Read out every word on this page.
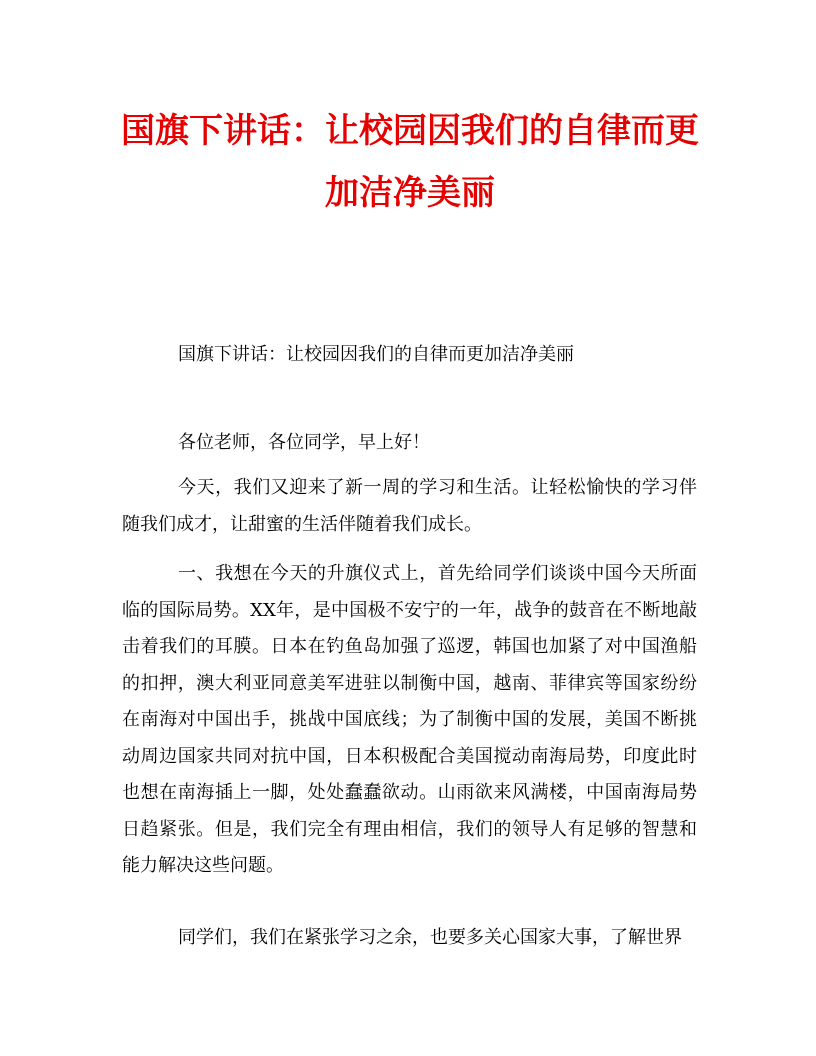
国旗下讲话：让校园因我们的自律而更
加洁净美丽
国旗下讲话：让校园因我们的自律而更加洁净美丽
各位老师，各位同学，早上好！
今天，我们又迎来了新一周的学习和生活。让轻松愉快的学习伴随我们成才，让甜蜜的生活伴随着我们成长。
一、我想在今天的升旗仪式上，首先给同学们谈谈中国今天所面临的国际局势。XX年，是中国极不安宁的一年，战争的鼓音在不断地敲击着我们的耳膜。日本在钓鱼岛加强了巡逻，韩国也加紧了对中国渔船的扣押，澳大利亚同意美军进驻以制衡中国，越南、菲律宾等国家纷纷在南海对中国出手，挑战中国底线；为了制衡中国的发展，美国不断挑动周边国家共同对抗中国，日本积极配合美国搅动南海局势，印度此时也想在南海插上一脚，处处蠢蠢欲动。山雨欲来风满楼，中国南海局势日趋紧张。但是，我们完全有理由相信，我们的领导人有足够的智慧和能力解决这些问题。
同学们，我们在紧张学习之余，也要多关心国家大事，了解世界
